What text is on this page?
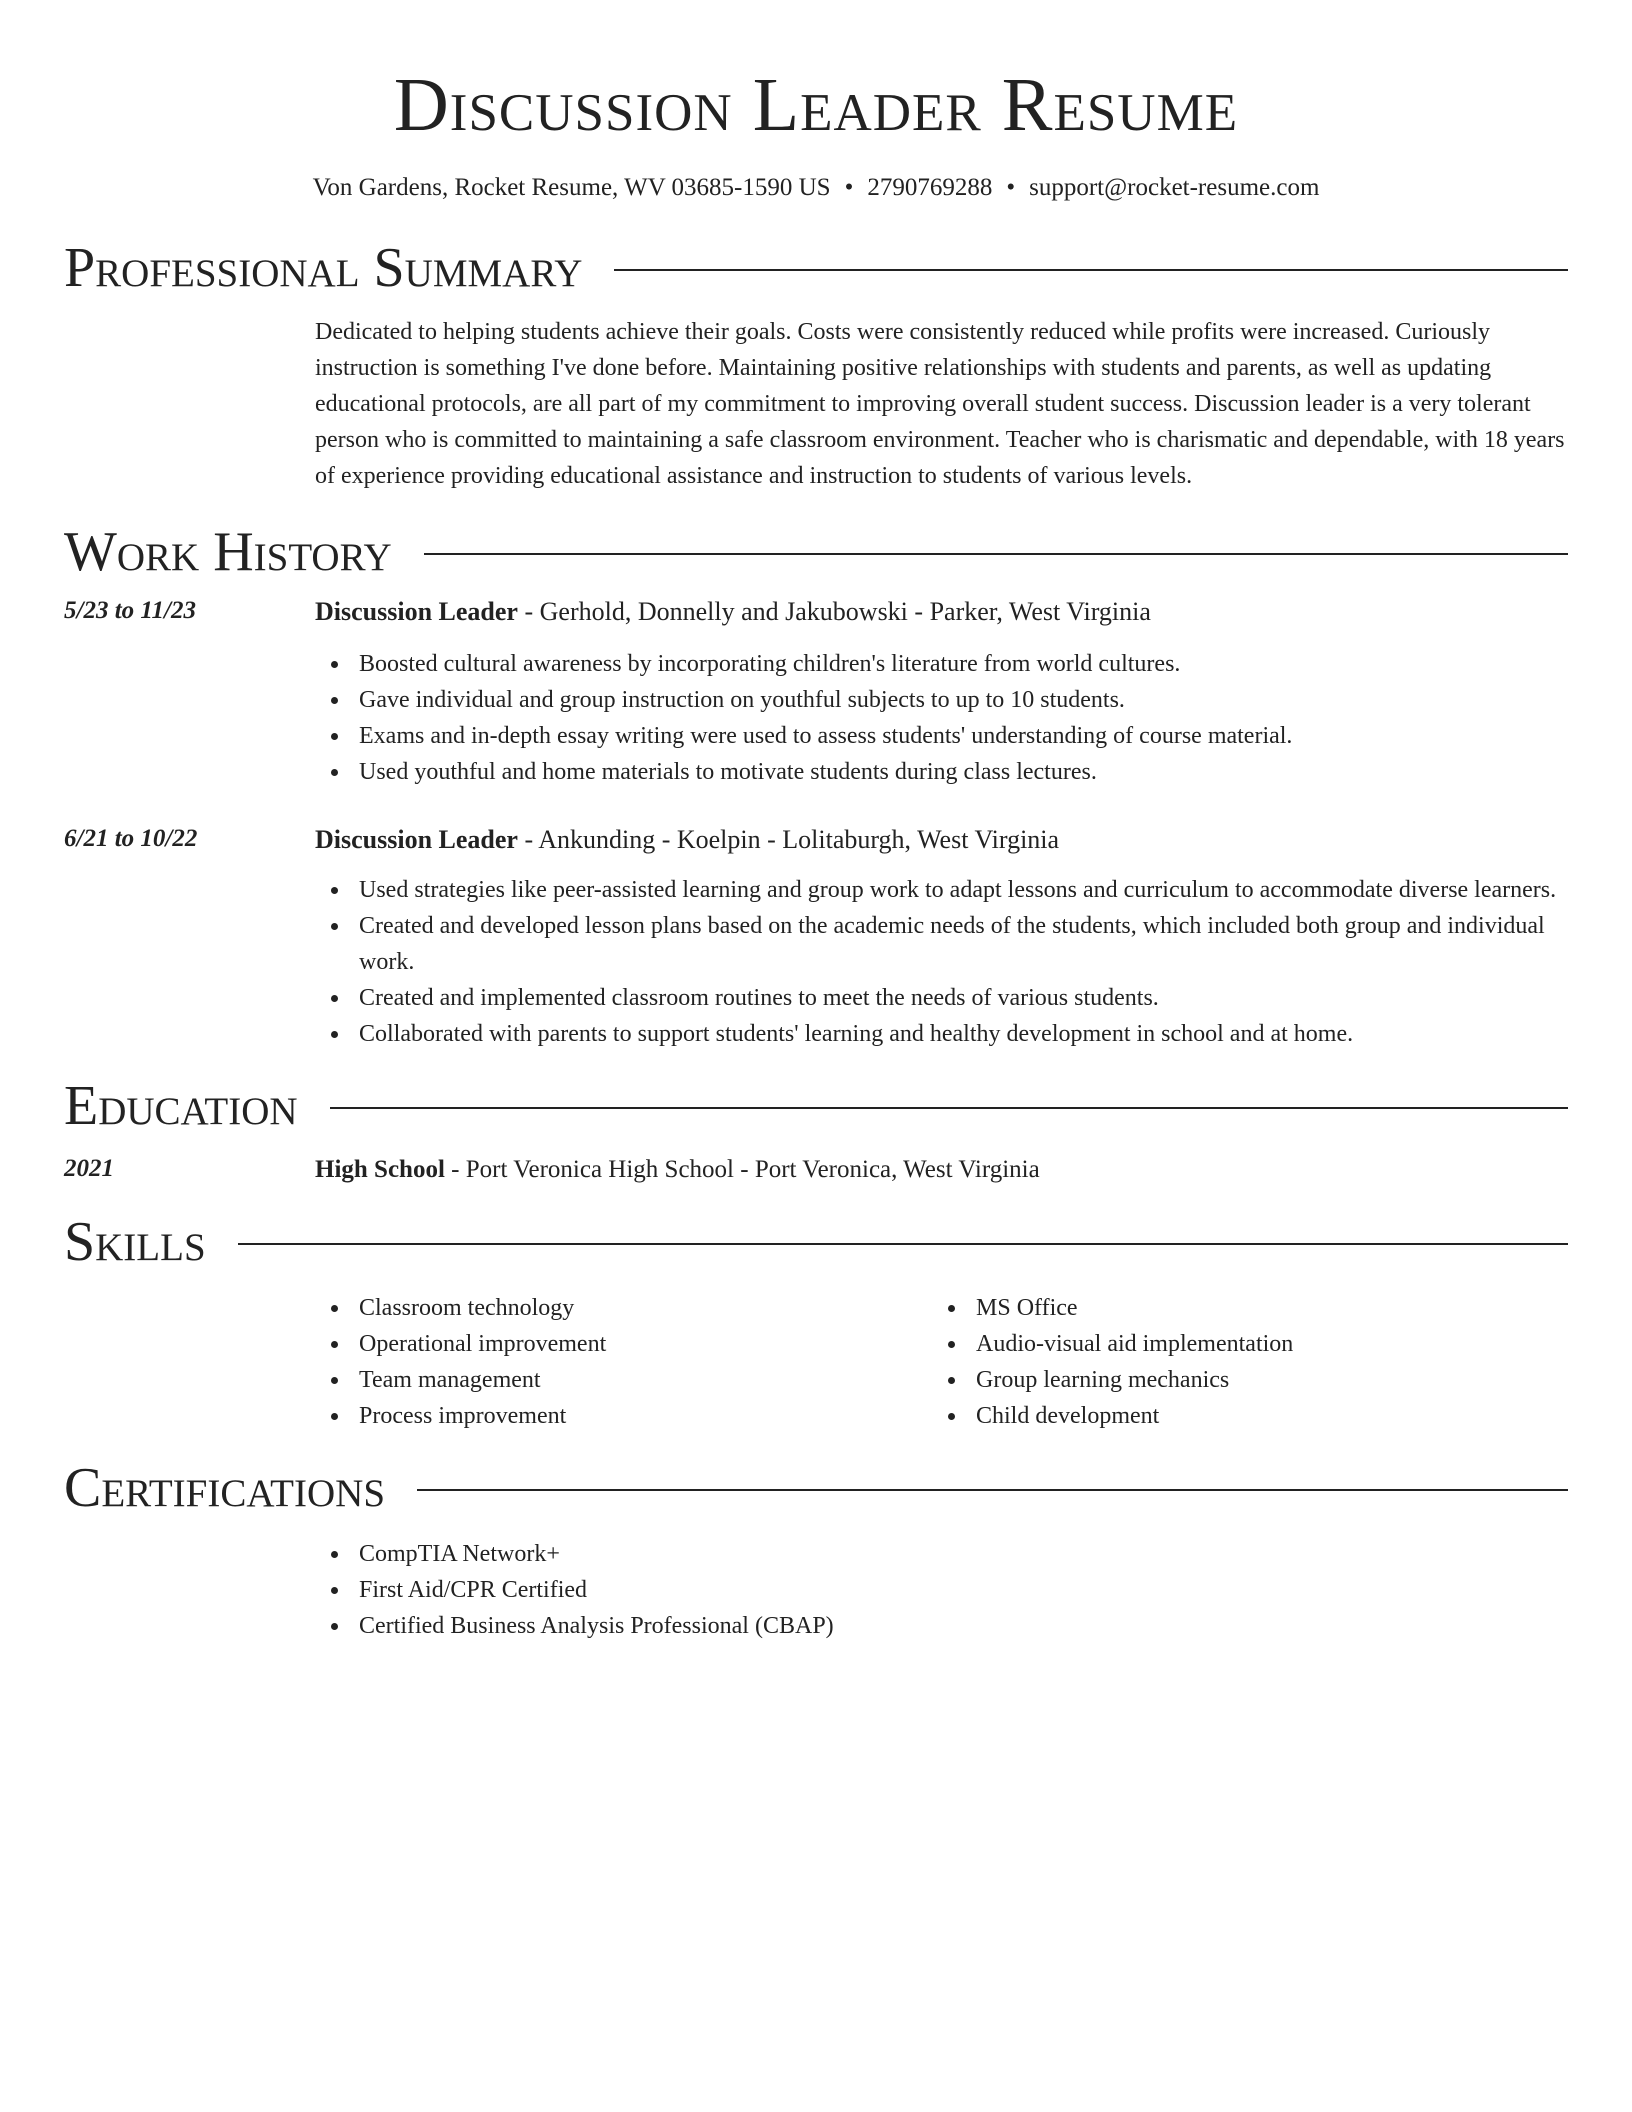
Discussion Leader Resume
Von Gardens, Rocket Resume, WV 03685-1590 US • 2790769288 • support@rocket-resume.com
Professional Summary
Dedicated to helping students achieve their goals. Costs were consistently reduced while profits were increased. Curiously instruction is something I've done before. Maintaining positive relationships with students and parents, as well as updating educational protocols, are all part of my commitment to improving overall student success. Discussion leader is a very tolerant person who is committed to maintaining a safe classroom environment. Teacher who is charismatic and dependable, with 18 years of experience providing educational assistance and instruction to students of various levels.
Work History
5/23 to 11/23	Discussion Leader - Gerhold, Donnelly and Jakubowski - Parker, West Virginia
Boosted cultural awareness by incorporating children's literature from world cultures.
Gave individual and group instruction on youthful subjects to up to 10 students.
Exams and in-depth essay writing were used to assess students' understanding of course material.
Used youthful and home materials to motivate students during class lectures.
6/21 to 10/22	Discussion Leader - Ankunding - Koelpin - Lolitaburgh, West Virginia
Used strategies like peer-assisted learning and group work to adapt lessons and curriculum to accommodate diverse learners.
Created and developed lesson plans based on the academic needs of the students, which included both group and individual work.
Created and implemented classroom routines to meet the needs of various students.
Collaborated with parents to support students' learning and healthy development in school and at home.
Education
2021	High School - Port Veronica High School - Port Veronica, West Virginia
Skills
Classroom technology
Operational improvement
Team management
Process improvement
MS Office
Audio-visual aid implementation
Group learning mechanics
Child development
Certifications
CompTIA Network+
First Aid/CPR Certified
Certified Business Analysis Professional (CBAP)
